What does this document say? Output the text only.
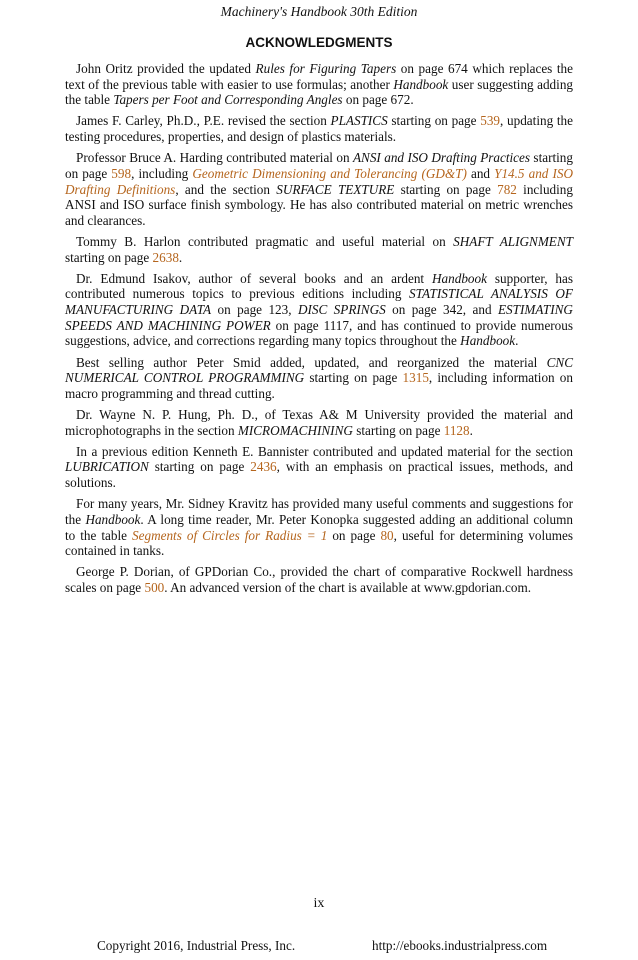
Machinery's Handbook 30th Edition
ACKNOWLEDGMENTS

John Oritz provided the updated Rules for Figuring Tapers on page 674 which replaces the text of the previous table with easier to use formulas; another Handbook user suggesting adding the table Tapers per Foot and Corresponding Angles on page 672.

James F. Carley, Ph.D., P.E. revised the section PLASTICS starting on page 539, updating the testing procedures, properties, and design of plastics materials.

Professor Bruce A. Harding contributed material on ANSI and ISO Drafting Practices starting on page 598, including Geometric Dimensioning and Tolerancing (GD&T) and Y14.5 and ISO Drafting Definitions, and the section SURFACE TEXTURE starting on page 782 including ANSI and ISO surface finish symbology. He has also contributed material on metric wrenches and clearances.

Tommy B. Harlon contributed pragmatic and useful material on SHAFT ALIGNMENT starting on page 2638.

Dr. Edmund Isakov, author of several books and an ardent Handbook supporter, has contributed numerous topics to previous editions including STATISTICAL ANALYSIS OF MANUFACTURING DATA on page 123, DISC SPRINGS on page 342, and ESTIMATING SPEEDS AND MACHINING POWER on page 1117, and has continued to provide numerous suggestions, advice, and corrections regarding many topics throughout the Handbook.

Best selling author Peter Smid added, updated, and reorganized the material CNC NUMERICAL CONTROL PROGRAMMING starting on page 1315, including information on macro programming and thread cutting.

Dr. Wayne N. P. Hung, Ph. D., of Texas A& M University provided the material and microphotographs in the section MICROMACHINING starting on page 1128.

In a previous edition Kenneth E. Bannister contributed and updated material for the section LUBRICATION starting on page 2436, with an emphasis on practical issues, methods, and solutions.

For many years, Mr. Sidney Kravitz has provided many useful comments and suggestions for the Handbook. A long time reader, Mr. Peter Konopka suggested adding an additional column to the table Segments of Circles for Radius = 1 on page 80, useful for determining volumes contained in tanks.

George P. Dorian, of GPDorian Co., provided the chart of comparative Rockwell hardness scales on page 500. An advanced version of the chart is available at www.gpdorian.com.

ix
Copyright 2016, Industrial Press, Inc.	http://ebooks.industrialpress.com
